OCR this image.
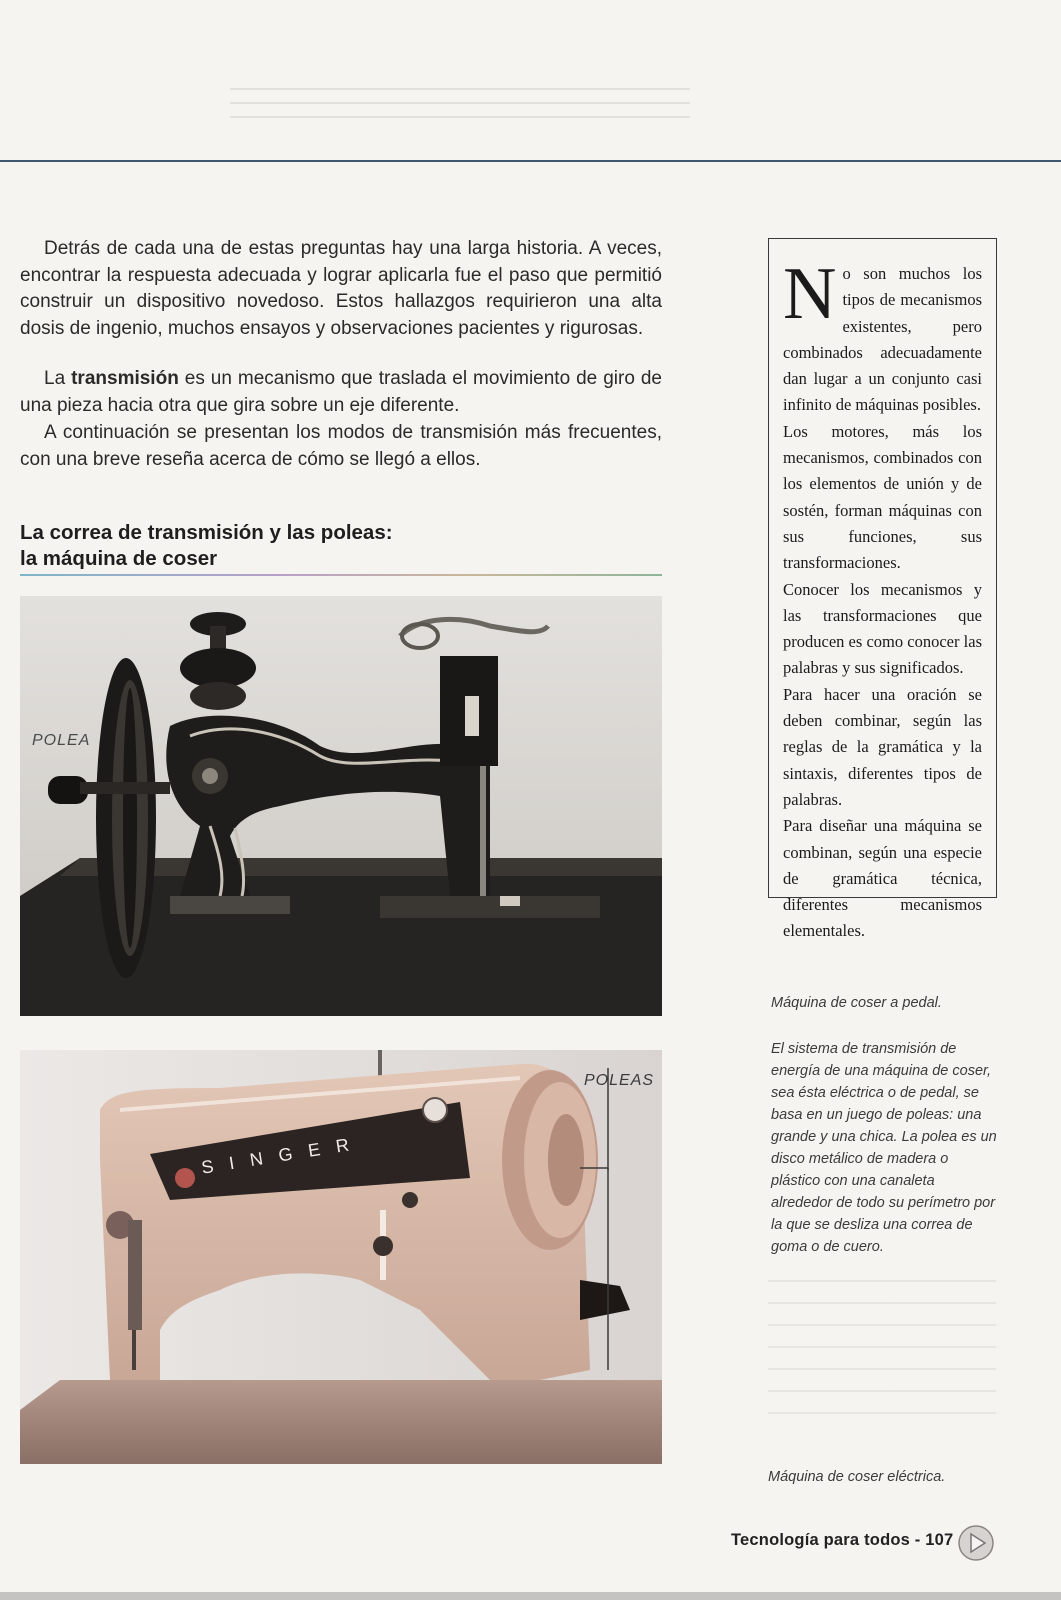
Detrás de cada una de estas preguntas hay una larga historia. A veces, encontrar la respuesta adecuada y lograr aplicarla fue el paso que permitió construir un dispositivo novedoso. Estos hallazgos requirieron una alta dosis de ingenio, muchos ensayos y observaciones pacientes y rigurosas.

La transmisión es un mecanismo que traslada el movimiento de giro de una pieza hacia otra que gira sobre un eje diferente.

A continuación se presentan los modos de transmisión más frecuentes, con una breve reseña acerca de cómo se llegó a ellos.

La correa de transmisión y las poleas:
la máquina de coser

No son muchos los tipos de mecanismos existentes, pero combinados adecuadamente dan lugar a un conjunto casi infinito de máquinas posibles.

Los motores, más los mecanismos, combinados con los elementos de unión y de sostén, forman máquinas con sus funciones, sus transformaciones.

Conocer los mecanismos y las transformaciones que producen es como conocer las palabras y sus significados.

Para hacer una oración se deben combinar, según las reglas de la gramática y la sintaxis, diferentes tipos de palabras.

Para diseñar una máquina se combinan, según una especie de gramática técnica, diferentes mecanismos elementales.

POLEA
POLEAS
SINGER
Máquina de coser a pedal.
El sistema de transmisión de energía de una máquina de coser, sea ésta eléctrica o de pedal, se basa en un juego de poleas: una grande y una chica. La polea es un disco metálico de madera o plástico con una canaleta alrededor de todo su perímetro por la que se desliza una correa de goma o de cuero.
Máquina de coser eléctrica.
Tecnología para todos - 107
